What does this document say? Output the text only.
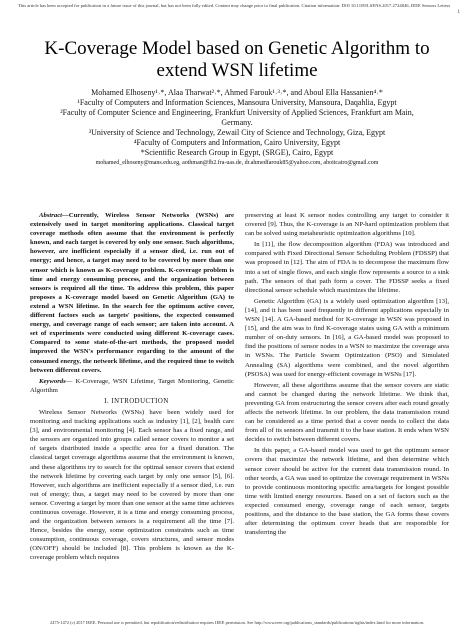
This article has been accepted for publication in a future issue of this journal, but has not been fully edited. Content may change prior to final publication. Citation information: DOI 10.1109/LSENS.2017.2724846, IEEE Sensors Letters
1
K-Coverage Model based on Genetic Algorithm to
extend WSN lifetime
Mohamed Elhoseny¹˒*, Alaa Tharwat²˒*, Ahmed Farouk¹˒³˒*, and Aboul Ella Hassanien⁴˒*
¹Faculty of Computers and Information Sciences, Mansoura University, Mansoura, Daqahlia, Egypt
²Faculty of Computer Science and Engineering, Frankfurt University of Applied Sciences, Frankfurt am Main,
Germany.
³University of Science and Technology, Zewail City of Science and Technology, Giza, Egypt
⁴Faculty of Computers and Information, Cairo University, Egypt
*Scientific Research Group in Egypt, (SRGE), Cairo, Egypt
mohamed_elhoseny@mans.edu.eg, aothman@fb2.fra-uas.de, dr.ahmedfarouk85@yahoo.com, aboitcairo@gmail.com

Abstract—Currently, Wireless Sensor Networks (WSNs) are extensively used in target monitoring applications. Classical target coverage methods often assume that the environment is perfectly known, and each target is covered by only one sensor. Such algorithms, however, are inefficient especially if a sensor died, i.e. run out of energy; and hence, a target may need to be covered by more than one sensor which is known as K-coverage problem. K-coverage problem is time and energy consuming process, and the organization between sensors is required all the time. To address this problem, this paper proposes a K-coverage model based on Genetic Algorithm (GA) to extend a WSN lifetime. In the search for the optimum active cover, different factors such as targets' positions, the expected consumed energy, and coverage range of each sensor; are taken into account. A set of experiments were conducted using different K-coverage cases. Compared to some state-of-the-art methods, the proposed model improved the WSN's performance regarding to the amount of the consumed energy, the network lifetime, and the required time to switch between different covers.

Keywords— K-Coverage, WSN Lifetime, Target Monitoring, Genetic Algorithm

I. INTRODUCTION

Wireless Sensor Networks (WSNs) have been widely used for monitoring and tracking applications such as industry [1], [2], health care [3], and environmental monitoring [4]. Each sensor has a fixed range, and the sensors are organized into groups called sensor covers to monitor a set of targets distributed inside a specific area for a fixed duration. The classical target coverage algorithms assume that the environment is known, and these algorithms try to search for the optimal sensor covers that extend the network lifetime by covering each target by only one sensor [5], [6]. However, such algorithms are inefficient especially if a sensor died, i.e. run out of energy; thus, a target may need to be covered by more than one sensor. Covering a target by more than one sensor at the same time achieves continuous coverage. However, it is a time and energy consuming process, and the organization between sensors is a requirement all the time [7]. Hence, besides the energy, some optimization constraints such as time consumption, continuous coverage, covers structures, and sensor modes (ON/OFF) should be included [8]. This problem is known as the K-coverage problem which requires

preserving at least K sensor nodes controlling any target to consider it covered [9]. Thus, the K-coverage is an NP-hard optimization problem that can be solved using metaheuristic optimization algorithms [10].

In [11], the flow decomposition algorithm (FDA) was introduced and compared with Fixed Directional Sensor Scheduling Problem (FDSSP) that was proposed in [12]. The aim of FDA is to decompose the maximum flow into a set of single flows, and each single flow represents a source to a sink path. The sensors of that path form a cover. The FDSSP seeks a fixed directional sensor schedule which maximizes the lifetime.

Genetic Algorithm (GA) is a widely used optimization algorithm [13], [14], and it has been used frequently in different applications especially in WSN [14]. A GA-based method for K-coverage in WSN was proposed in [15], and the aim was to find K-coverage states using GA with a minimum number of on-duty sensors. In [16], a GA-based model was proposed to find the positions of sensor nodes in a WSN to maximize the coverage area in WSNs. The Particle Swarm Optimization (PSO) and Simulated Annealing (SA) algorithms were combined, and the novel algorithm (PSOSA) was used for energy-efficient coverage in WSNs [17].

However, all these algorithms assume that the sensor covers are static and cannot be changed during the network lifetime. We think that, preventing GA from restructuring the sensor covers after each round greatly affects the network lifetime. In our problem, the data transmission round can be considered as a time period that a cover needs to collect the data from all of its sensors and transmit it to the base station. It ends when WSN decides to switch between different covers.

In this paper, a GA-based model was used to get the optimum sensor covers that maximize the network lifetime, and then determine which sensor cover should be active for the current data transmission round. In other words, a GA was used to optimize the coverage requirement in WSNs to provide continuous monitoring specific area/targets for longest possible time with limited energy resources. Based on a set of factors such as the expected consumed energy, coverage range of each sensor, targets positions, and the distance to the base station, the GA forms these covers after determining the optimum cover heads that are responsible for transferring the

2475-1472 (c) 2017 IEEE. Personal use is permitted, but republication/redistribution requires IEEE permission. See http://www.ieee.org/publications_standards/publications/rights/index.html for more information.
